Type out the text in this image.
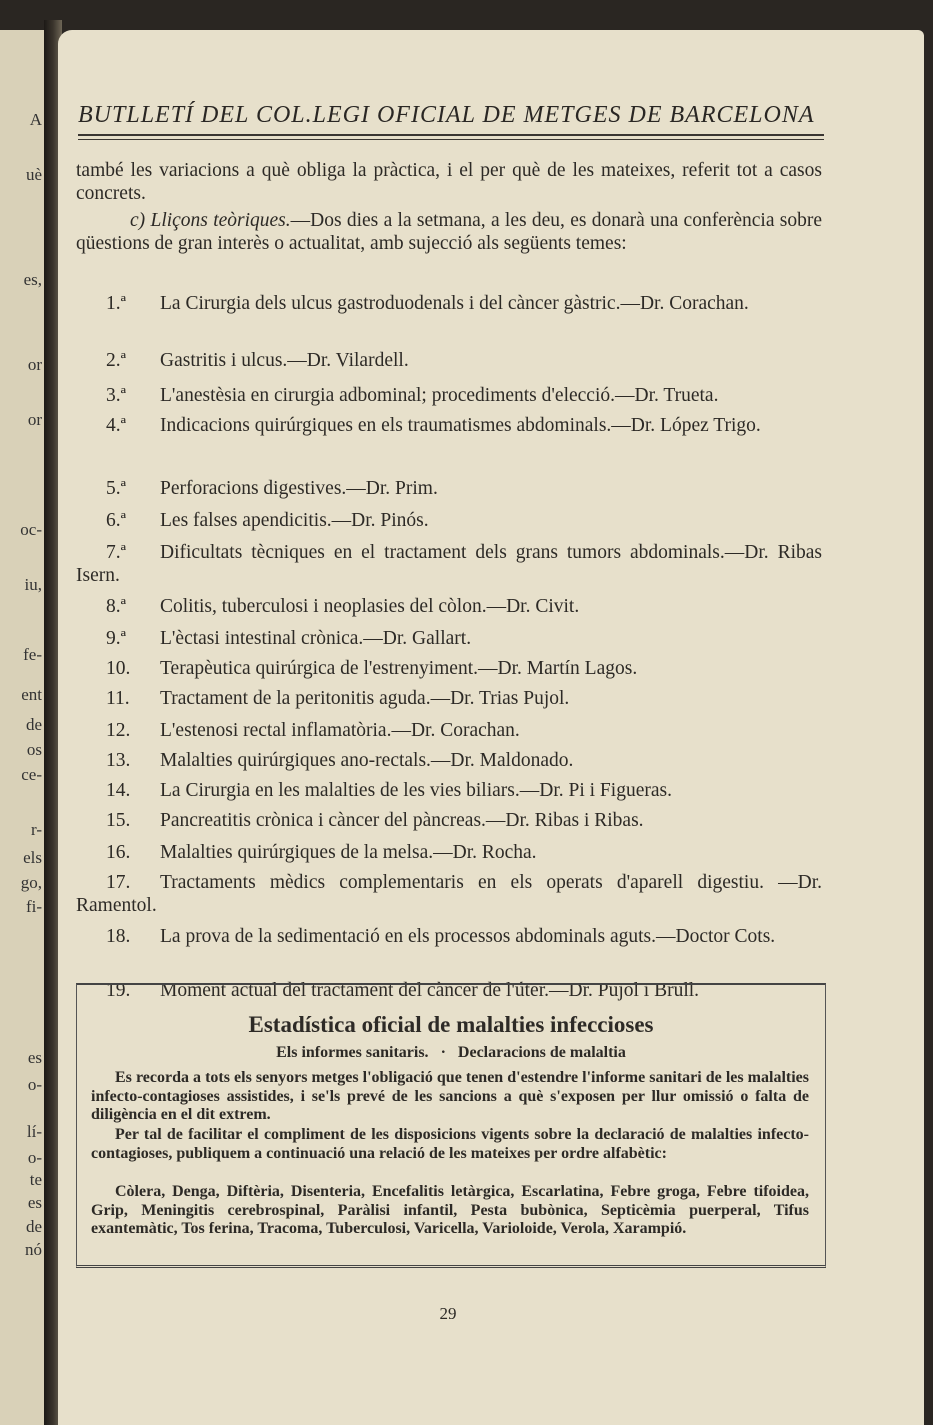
A
uè
es,
or
or
oc-
iu,
fe-
ent
de
os
ce-
r-
els
go,
fi-
es
o-
lí-
o-
te
es
de
nó
BUTLLETÍ DEL COL.LEGI OFICIAL DE METGES DE BARCELONA
també les variacions a què obliga la pràctica, i el per què de les mateixes, referit tot a casos concrets.
c) Lliçons teòriques.—Dos dies a la setmana, a les deu, es donarà una conferència sobre qüestions de gran interès o actualitat, amb sujecció als següents temes:
1.ª La Cirurgia dels ulcus gastroduodenals i del càncer gàstric.—Dr. Corachan.
2.ª Gastritis i ulcus.—Dr. Vilardell.
3.ª L'anestèsia en cirurgia adbominal; procediments d'elecció.—Dr. Trueta.
4.ª Indicacions quirúrgiques en els traumatismes abdominals.—Dr. López Trigo.
5.ª Perforacions digestives.—Dr. Prim.
6.ª Les falses apendicitis.—Dr. Pinós.
7.ª Dificultats tècniques en el tractament dels grans tumors abdominals.—Dr. Ribas Isern.
8.ª Colitis, tuberculosi i neoplasies del còlon.—Dr. Civit.
9.ª L'èctasi intestinal crònica.—Dr. Gallart.
10. Terapèutica quirúrgica de l'estrenyiment.—Dr. Martín Lagos.
11. Tractament de la peritonitis aguda.—Dr. Trias Pujol.
12. L'estenosi rectal inflamatòria.—Dr. Corachan.
13. Malalties quirúrgiques ano-rectals.—Dr. Maldonado.
14. La Cirurgia en les malalties de les vies biliars.—Dr. Pi i Figueras.
15. Pancreatitis crònica i càncer del pàncreas.—Dr. Ribas i Ribas.
16. Malalties quirúrgiques de la melsa.—Dr. Rocha.
17. Tractaments mèdics complementaris en els operats d'aparell digestiu. —Dr. Ramentol.
18. La prova de la sedimentació en els processos abdominals aguts.—Doctor Cots.
19. Moment actual del tractament del càncer de l'úter.—Dr. Pujol i Brull.
Estadística oficial de malalties infeccioses
Els informes sanitaris.   ·   Declaracions de malaltia
Es recorda a tots els senyors metges l'obligació que tenen d'estendre l'informe sanitari de les malalties infecto-contagioses assistides, i se'ls prevé de les sancions a què s'exposen per llur omissió o falta de diligència en el dit extrem.
Per tal de facilitar el compliment de les disposicions vigents sobre la declaració de malalties infecto-contagioses, publiquem a continuació una relació de les mateixes per ordre alfabètic:
Còlera, Denga, Diftèria, Disenteria, Encefalitis letàrgica, Escarlatina, Febre groga, Febre tifoidea, Grip, Meningitis cerebrospinal, Paràlisi infantil, Pesta bubònica, Septicèmia puerperal, Tifus exantemàtic, Tos ferina, Tracoma, Tuberculosi, Varicella, Varioloide, Verola, Xarampió.
29
